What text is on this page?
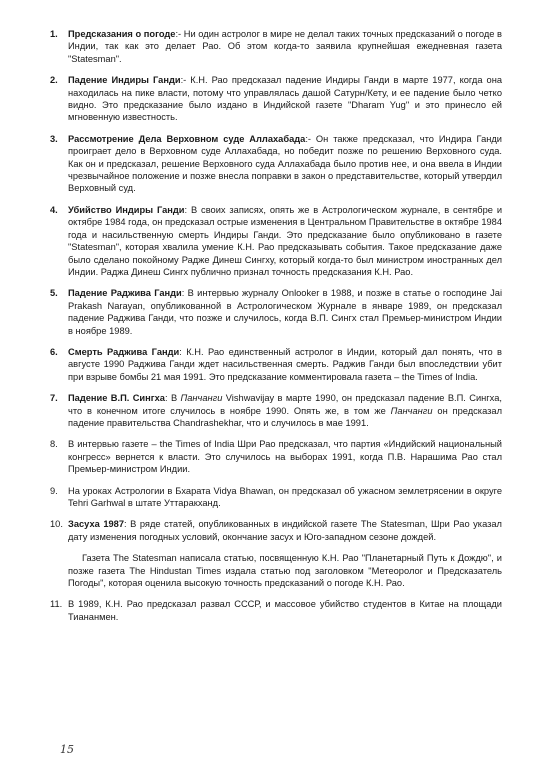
1.	Предсказания о погоде:- Ни один астролог в мире не делал таких точных предсказаний о погоде в Индии, так как это делает Рао. Об этом когда-то заявила крупнейшая ежедневная газета "Statesman".
2.	Падение Индиры Ганди:- К.Н. Рао предсказал падение Индиры Ганди в марте 1977, когда она находилась на пике власти, потому что управлялась дашой Сатурн/Кету, и ее падение было четко видно. Это предсказание было издано в Индийской газете "Dharam Yug" и это принесло ей мгновенную известность.
3.	Рассмотрение Дела Верховном суде Аллахабада:- Он также предсказал, что Индира Ганди проиграет дело в Верховном суде Аллахабада, но победит позже по решению Верховного суда. Как он и предсказал, решение Верховного суда Аллахабада было против нее, и она ввела в Индии чрезвычайное положение и позже внесла поправки в закон о представительстве, который утвердил Верховный суд.
4.	Убийство Индиры Ганди: В своих записях, опять же в Астрологическом журнале, в сентябре и октябре 1984 года, он предсказал острые изменения в Центральном Правительстве в октябре 1984 года и насильственную смерть Индиры Ганди. Это предсказание было опубликовано в газете "Statesman", которая хвалила умение К.Н. Рао предсказывать события. Такое предсказание даже было сделано покойному Радже Динеш Сингху, который когда-то был министром иностранных дел Индии. Раджа Динеш Сингх публично признал точность предсказания К.Н. Рао.
5.	Падение Раджива Ганди: В интервью журналу Onlooker в 1988, и позже в статье о господине Jai Prakash Narayan, опубликованной в Астрологическом Журнале в январе 1989, он предсказал падение Раджива Ганди, что позже и случилось, когда В.П. Сингх стал Премьер-министром Индии в ноябре 1989.
6.	Смерть Раджива Ганди: К.Н. Рао единственный астролог в Индии, который дал понять, что в августе 1990 Раджива Ганди ждет насильственная смерть. Раджив Ганди был впоследствии убит при взрыве бомбы 21 мая 1991. Это предсказание комментировала газета – the Times of India.
7.	Падение В.П. Сингха: В Панчанги Vishwavijay в марте 1990, он предсказал падение В.П. Сингха, что в конечном итоге случилось в ноябре 1990. Опять же, в том же Панчанги он предсказал падение правительства Chandrashekhar, что и случилось в мае 1991.
8.	В интервью газете – the Times of India Шри Рао предсказал, что партия «Индийский национальный конгресс» вернется к власти. Это случилось на выборах 1991, когда П.В. Нарашима Рао стал Премьер-министром Индии.
9.	На уроках Астрологии в Бхарата Vidya Bhawan, он предсказал об ужасном землетрясении в округе Tehri Garhwal в штате Уттаракханд.
10. Засуха 1987: В ряде статей, опубликованных в индийской газете The Statesman, Шри Рао указал дату изменения погодных условий, окончание засух и Юго-западном сезоне дождей.
Газета The Statesman написала статью, посвященную К.Н. Рао "Планетарный Путь к Дождю", и позже газета The Hindustan Times издала статью под заголовком "Метеоролог и Предсказатель Погоды", которая оценила высокую точность предсказаний о погоде К.Н. Рао.
11. В 1989, К.Н. Рао предсказал развал СССР, и массовое убийство студентов в Китае на площади Тиананмен.
15
